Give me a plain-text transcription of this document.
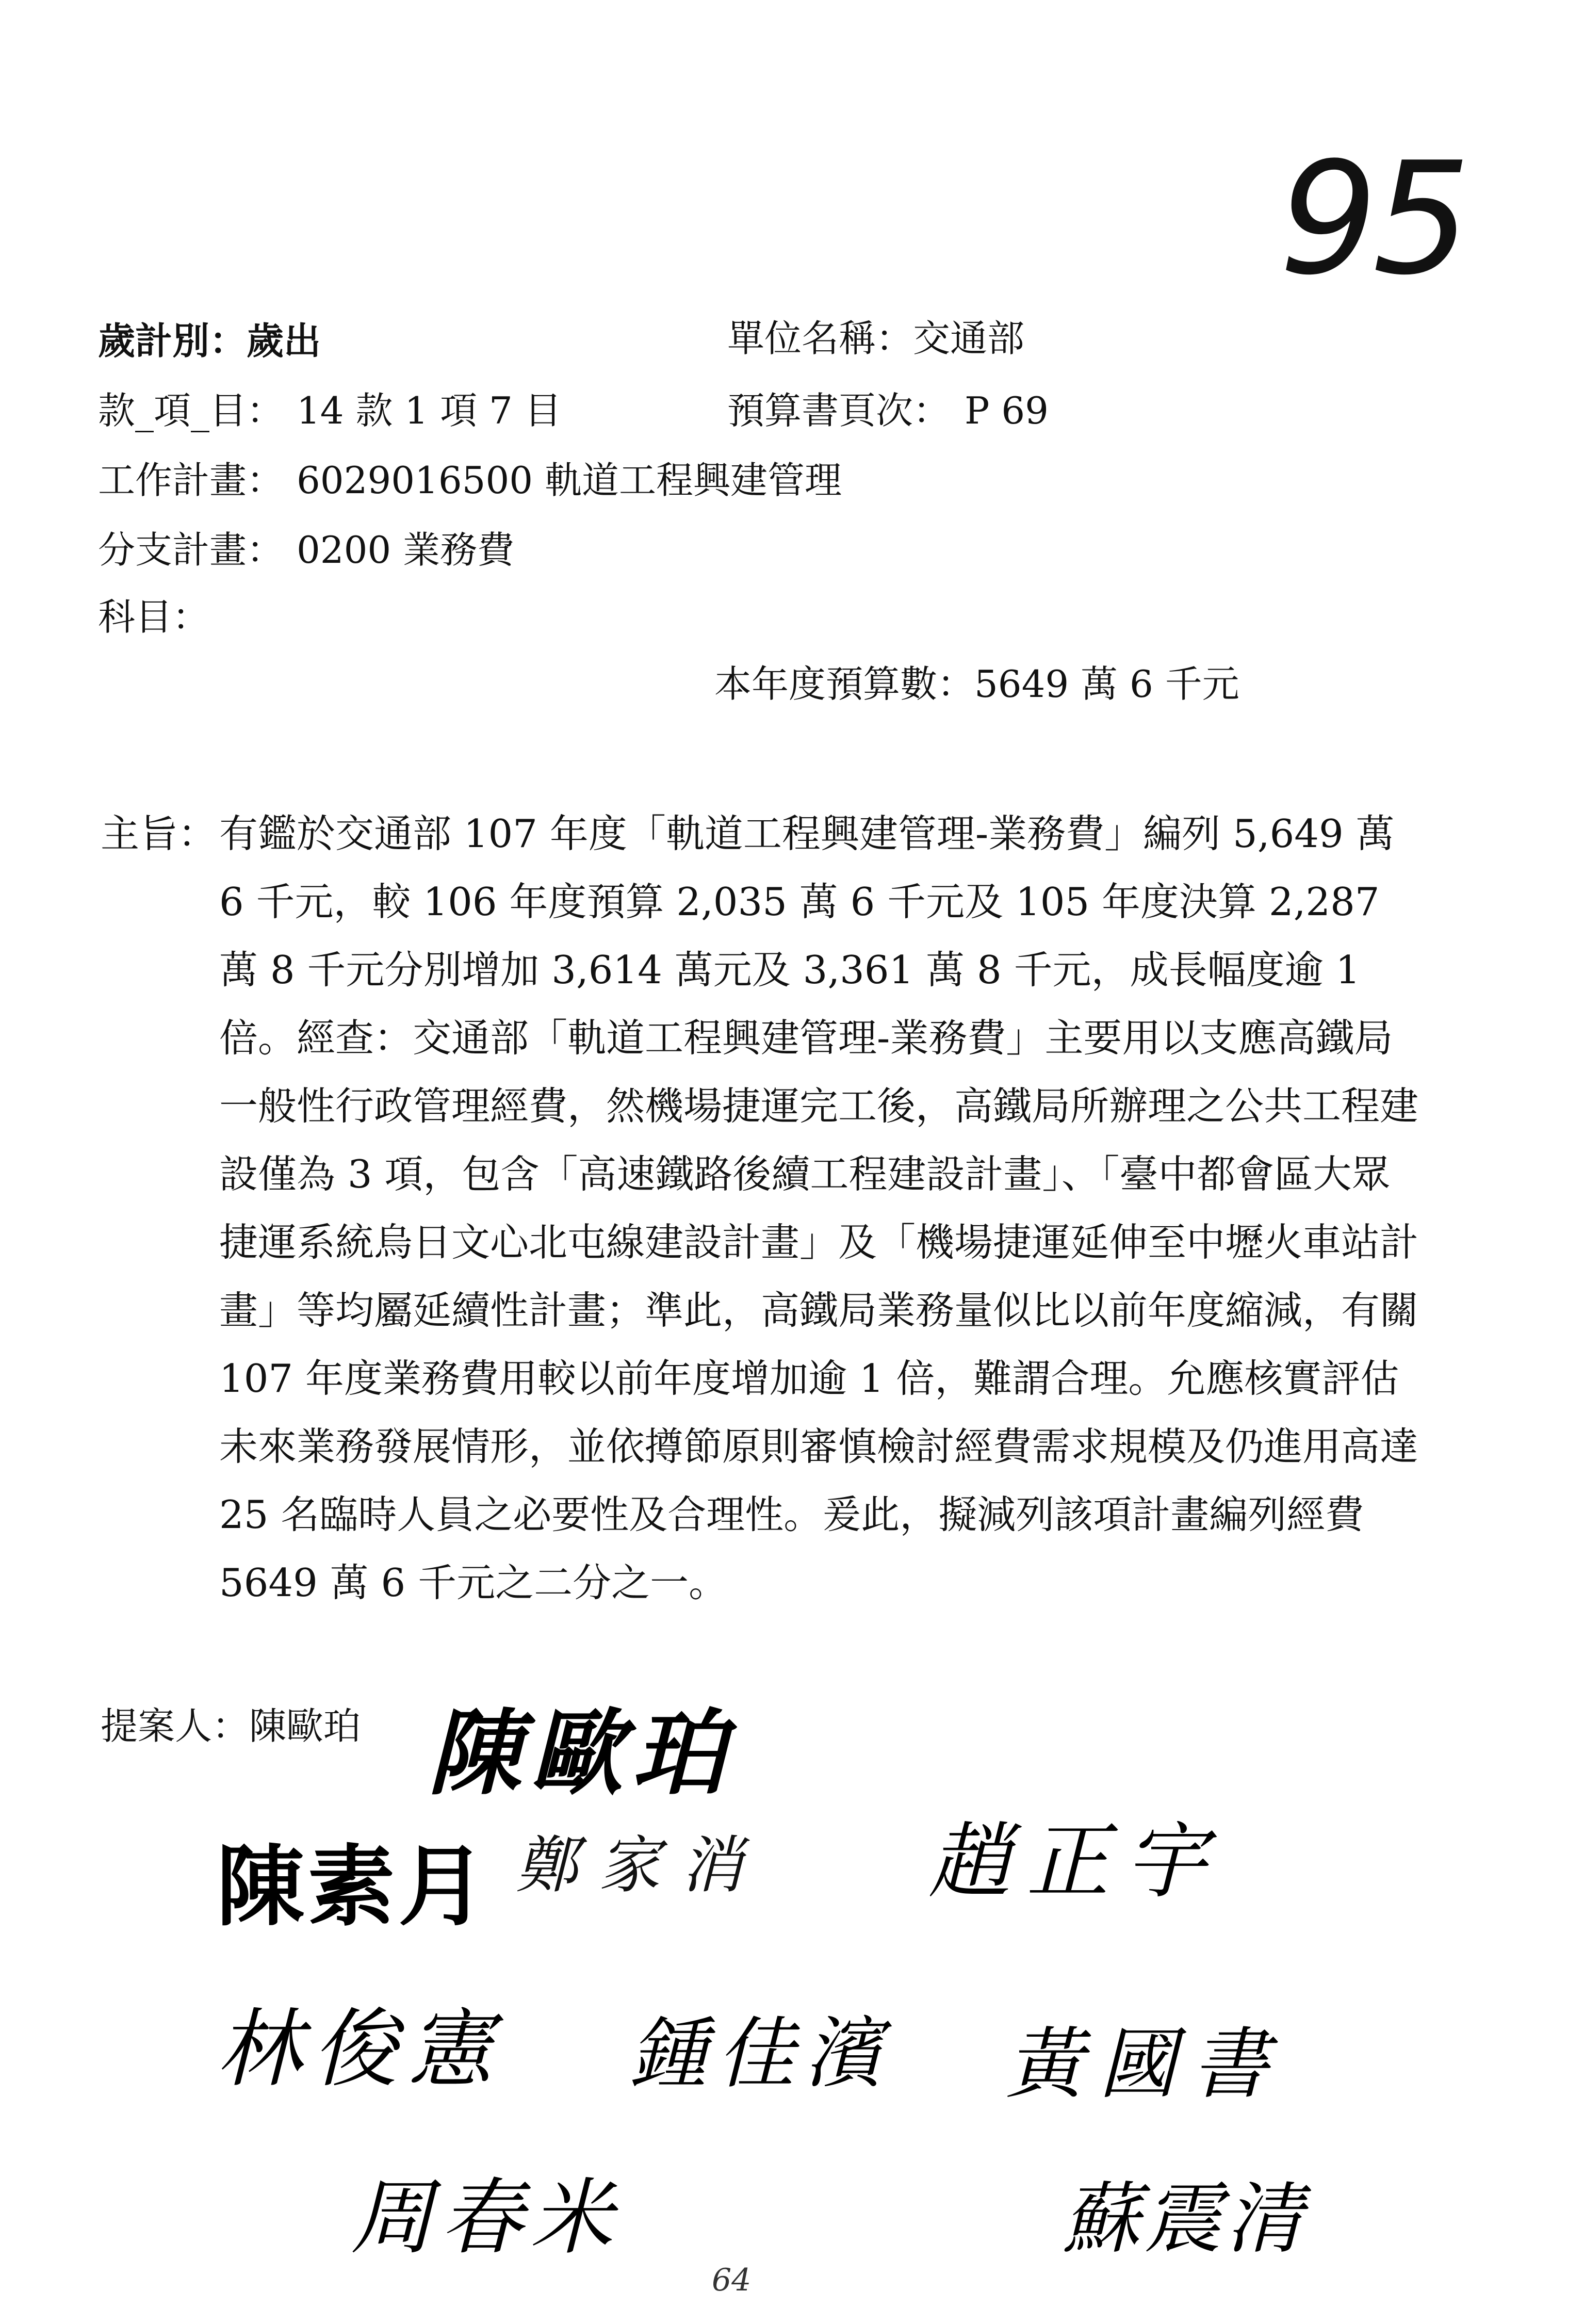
95
歲計別：歲出	單位名稱：交通部
款_項_目： 14 款 1 項 7 目	預算書頁次： P 69
工作計畫： 6029016500 軌道工程興建管理
分支計畫： 0200 業務費
科目：
本年度預算數：5649 萬 6 千元
主旨： 有鑑於交通部 107 年度「軌道工程興建管理-業務費」編列 5,649 萬 6 千元，較 106 年度預算 2,035 萬 6 千元及 105 年度決算 2,287 萬 8 千元分別增加 3,614 萬元及 3,361 萬 8 千元，成長幅度逾 1 倍。經查：交通部「軌道工程興建管理-業務費」主要用以支應高鐵局一般性行政管理經費，然機場捷運完工後，高鐵局所辦理之公共工程建設僅為 3 項，包含「高速鐵路後續工程建設計畫」、「臺中都會區大眾捷運系統烏日文心北屯線建設計畫」及「機場捷運延伸至中壢火車站計畫」等均屬延續性計畫；準此，高鐵局業務量似比以前年度縮減，有關 107 年度業務費用較以前年度增加逾 1 倍，難謂合理。允應核實評估未來業務發展情形，並依撙節原則審慎檢討經費需求規模及仍進用高達 25 名臨時人員之必要性及合理性。爰此，擬減列該項計畫編列經費 5649 萬 6 千元之二分之一。
提案人：陳歐珀 陳歐珀
陳素月 鄭家消 趙正宇
林俊憲 鍾佳濱 黃國書
周春米	蘇震清
64
